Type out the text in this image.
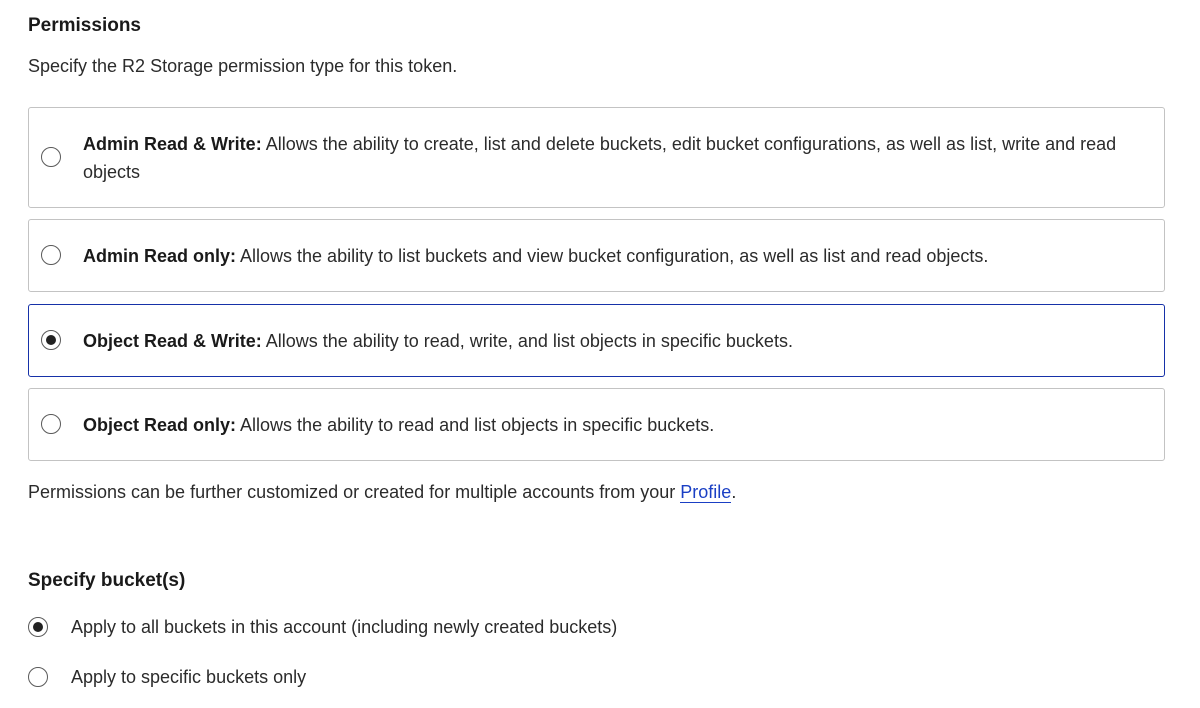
Permissions
Specify the R2 Storage permission type for this token.
Admin Read & Write: Allows the ability to create, list and delete buckets, edit bucket configurations, as well as list, write and read objects
Admin Read only: Allows the ability to list buckets and view bucket configuration, as well as list and read objects.
Object Read & Write: Allows the ability to read, write, and list objects in specific buckets.
Object Read only: Allows the ability to read and list objects in specific buckets.
Permissions can be further customized or created for multiple accounts from your Profile.
Specify bucket(s)
Apply to all buckets in this account (including newly created buckets)
Apply to specific buckets only
